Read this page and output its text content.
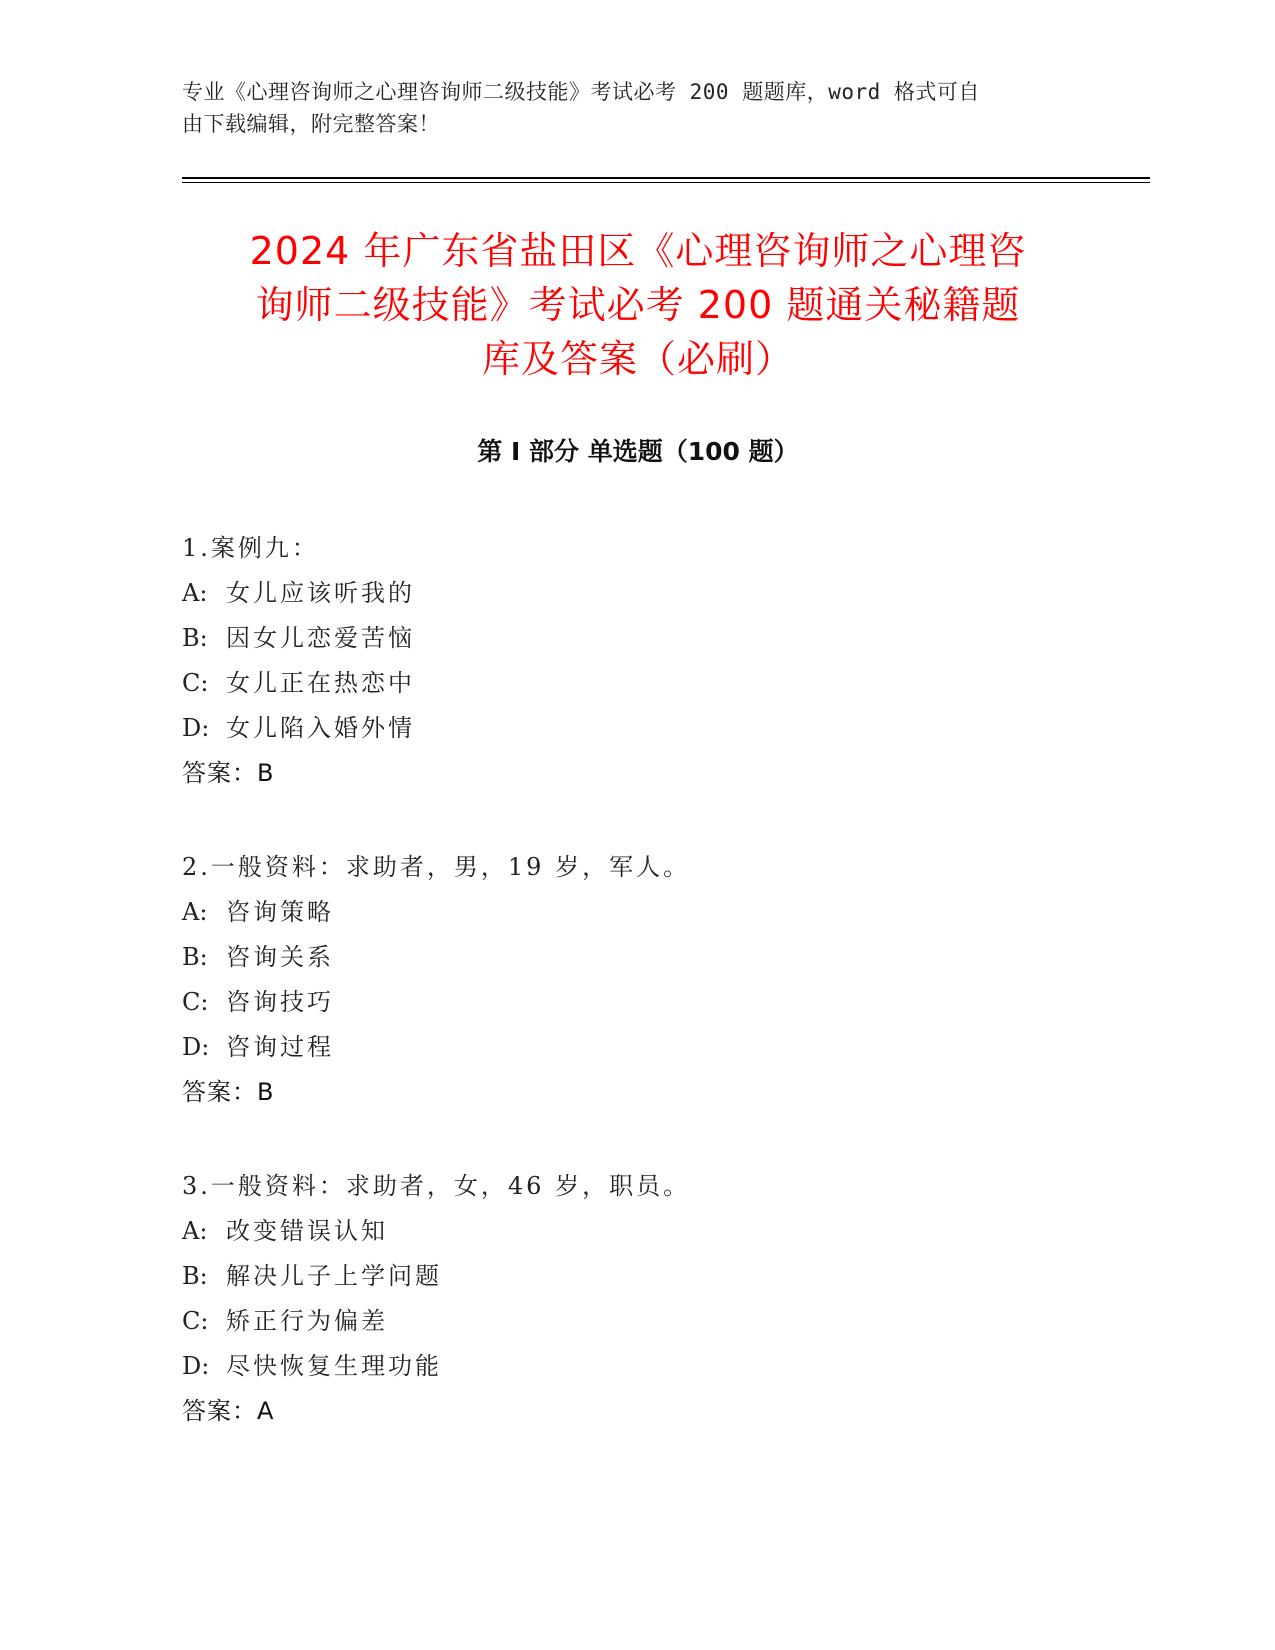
专业《心理咨询师之心理咨询师二级技能》考试必考 200 题题库，word 格式可自
由下载编辑，附完整答案！
2024 年广东省盐田区《心理咨询师之心理咨
询师二级技能》考试必考 200 题通关秘籍题
库及答案（必刷）
第 I 部分 单选题（100 题）
1.案例九：
A: 女儿应该听我的
B: 因女儿恋爱苦恼
C: 女儿正在热恋中
D: 女儿陷入婚外情
答案：B
2.一般资料：求助者，男，19 岁，军人。
A: 咨询策略
B: 咨询关系
C: 咨询技巧
D: 咨询过程
答案：B
3.一般资料：求助者，女，46 岁，职员。
A: 改变错误认知
B: 解决儿子上学问题
C: 矫正行为偏差
D: 尽快恢复生理功能
答案：A
